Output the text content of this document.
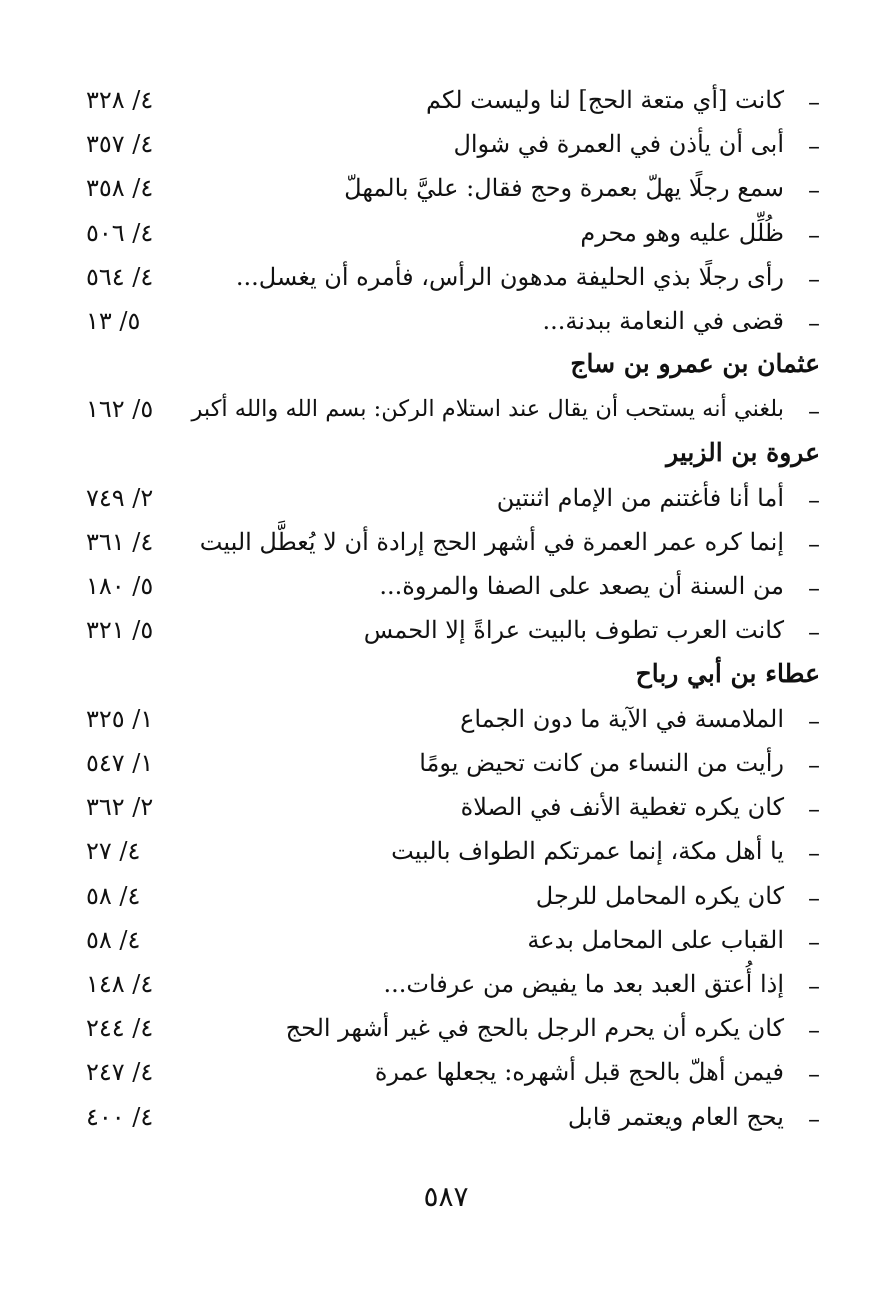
–
كانت [أي متعة الحج] لنا وليست لكم
٤/ ٣٢٨
–
أبى أن يأذن في العمرة في شوال
٤/ ٣٥٧
–
سمع رجلًا يهلّ بعمرة وحج فقال: عليَّ بالمهلّ
٤/ ٣٥٨
–
ظُلِّل عليه وهو محرم
٤/ ٥٠٦
–
رأى رجلًا بذي الحليفة مدهون الرأس، فأمره أن يغسل...
٤/ ٥٦٤
–
قضى في النعامة ببدنة...
٥/ ١٣
عثمان بن عمرو بن ساج
–
بلغني أنه يستحب أن يقال عند استلام الركن: بسم الله والله أكبر
٥/ ١٦٢
عروة بن الزبير
–
أما أنا فأغتنم من الإمام اثنتين
٢/ ٧٤٩
–
إنما كره عمر العمرة في أشهر الحج إرادة أن لا يُعطَّل البيت
٤/ ٣٦١
–
من السنة أن يصعد على الصفا والمروة...
٥/ ١٨٠
–
كانت العرب تطوف بالبيت عراةً إلا الحمس
٥/ ٣٢١
عطاء بن أبي رباح
–
الملامسة في الآية ما دون الجماع
١/ ٣٢٥
–
رأيت من النساء من كانت تحيض يومًا
١/ ٥٤٧
–
كان يكره تغطية الأنف في الصلاة
٢/ ٣٦٢
–
يا أهل مكة، إنما عمرتكم الطواف بالبيت
٤/ ٢٧
–
كان يكره المحامل للرجل
٤/ ٥٨
–
القباب على المحامل بدعة
٤/ ٥٨
–
إذا أُعتق العبد بعد ما يفيض من عرفات...
٤/ ١٤٨
–
كان يكره أن يحرم الرجل بالحج في غير أشهر الحج
٤/ ٢٤٤
–
فيمن أهلّ بالحج قبل أشهره: يجعلها عمرة
٤/ ٢٤٧
–
يحج العام ويعتمر قابل
٤/ ٤٠٠
٥٨٧
